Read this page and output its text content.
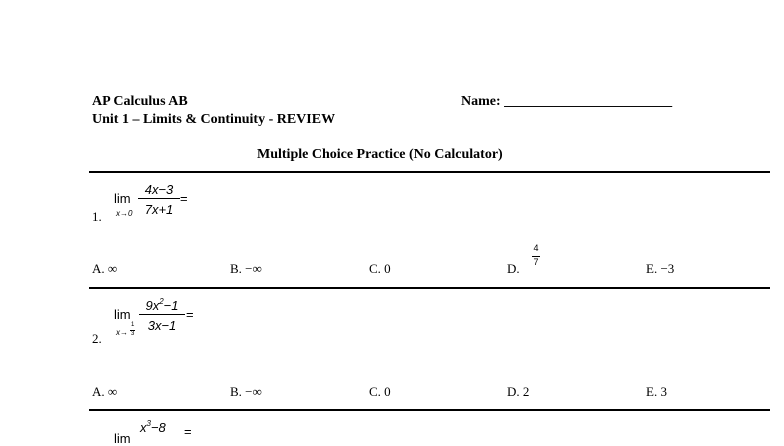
AP Calculus AB
Unit 1 – Limits & Continuity - REVIEW
Name: ________________________
Multiple Choice Practice (No Calculator)
lim
x→0
4x−3
7x+1
=
1.
A. ∞	B. −∞	C. 0	D.
4
7	E. −3
lim
x→
1
3
$9x^2-1$
3x−1
=
2.
A. ∞	B. −∞	C. 0	D. 2	E. 3
lim
$x^3-8$	=
